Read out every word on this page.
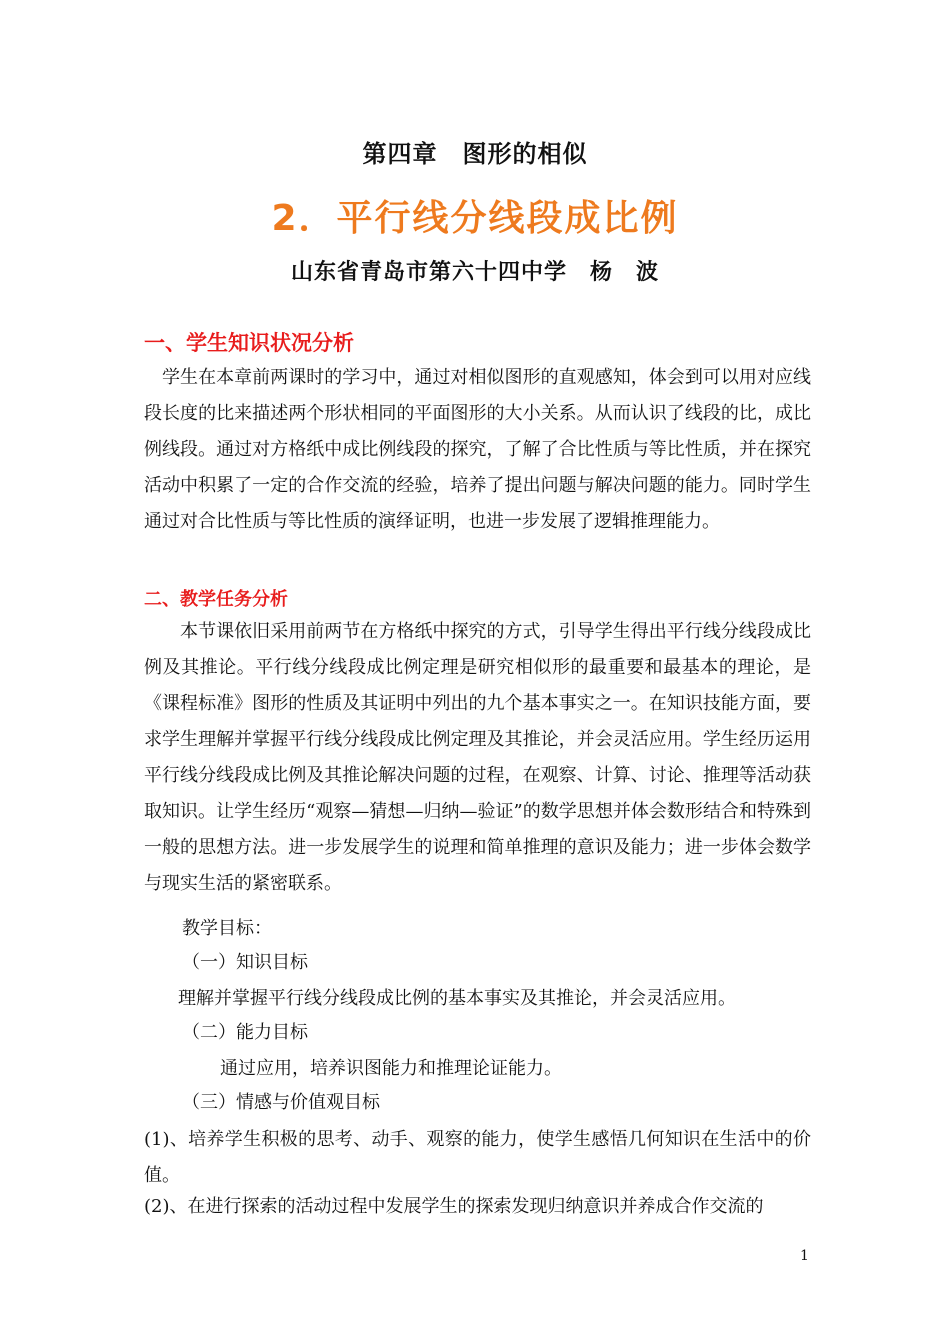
第四章　图形的相似
2．平行线分线段成比例
山东省青岛市第六十四中学　杨　波
一、学生知识状况分析
　学生在本章前两课时的学习中，通过对相似图形的直观感知，体会到可以用对应线段长度的比来描述两个形状相同的平面图形的大小关系。从而认识了线段的比，成比例线段。通过对方格纸中成比例线段的探究，了解了合比性质与等比性质，并在探究活动中积累了一定的合作交流的经验，培养了提出问题与解决问题的能力。同时学生通过对合比性质与等比性质的演绎证明，也进一步发展了逻辑推理能力。
二、教学任务分析
　　本节课依旧采用前两节在方格纸中探究的方式，引导学生得出平行线分线段成比例及其推论。平行线分线段成比例定理是研究相似形的最重要和最基本的理论，是《课程标准》图形的性质及其证明中列出的九个基本事实之一。在知识技能方面，要求学生理解并掌握平行线分线段成比例定理及其推论，并会灵活应用。学生经历运用平行线分线段成比例及其推论解决问题的过程，在观察、计算、讨论、推理等活动获取知识。让学生经历“观察—猜想—归纳—验证”的数学思想并体会数形结合和特殊到一般的思想方法。进一步发展学生的说理和简单推理的意识及能力；进一步体会数学与现实生活的紧密联系。
教学目标：
（一）知识目标
理解并掌握平行线分线段成比例的基本事实及其推论，并会灵活应用。
（二）能力目标
通过应用，培养识图能力和推理论证能力。
（三）情感与价值观目标
(1)、培养学生积极的思考、动手、观察的能力，使学生感悟几何知识在生活中的价值。
(2)、在进行探索的活动过程中发展学生的探索发现归纳意识并养成合作交流的
1
